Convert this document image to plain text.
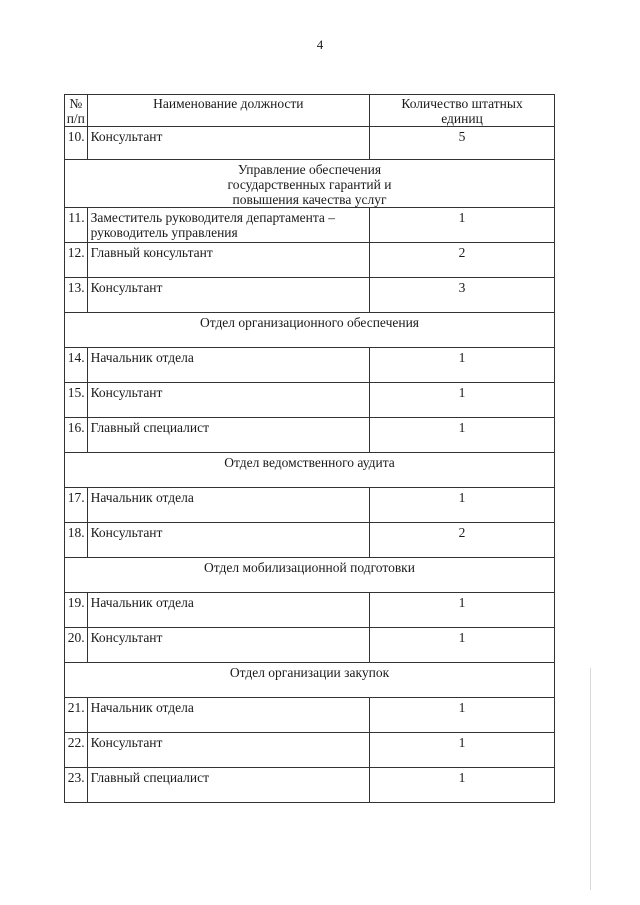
4
№ п/п	Наименование должности	Количество штатных единиц
10.	Консультант	5
Управление обеспечения государственных гарантий и повышения качества услуг		
11.	Заместитель руководителя департамента – руководитель управления	1
12.	Главный консультант	2
13.	Консультант	3
Отдел организационного обеспечения		
14.	Начальник отдела	1
15.	Консультант	1
16.	Главный специалист	1
Отдел ведомственного аудита		
17.	Начальник отдела	1
18.	Консультант	2
Отдел мобилизационной подготовки		
19.	Начальник отдела	1
20.	Консультант	1
Отдел организации закупок		
21.	Начальник отдела	1
22.	Консультант	1
23.	Главный специалист	1
